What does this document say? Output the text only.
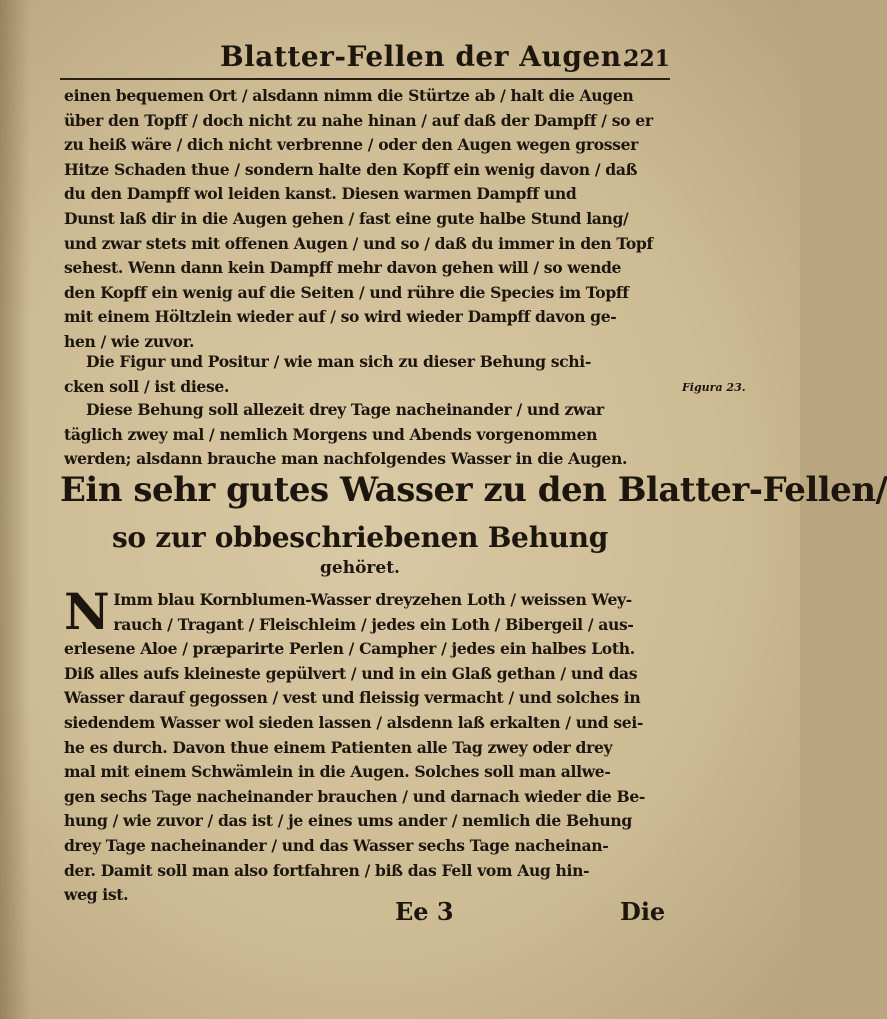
Blatter-Fellen der Augen.
221
einen bequemen Ort / alsdann nimm die Stürtze ab / halt die Augen
über den Topff / doch nicht zu nahe hinan / auf daß der Dampff / so er
zu heiß wäre / dich nicht verbrenne / oder den Augen wegen grosser
Hitze Schaden thue / sondern halte den Kopff ein wenig davon / daß
du den Dampff wol leiden kanst. Diesen warmen Dampff und
Dunst laß dir in die Augen gehen / fast eine gute halbe Stund lang/
und zwar stets mit offenen Augen / und so / daß du immer in den Topf
sehest. Wenn dann kein Dampff mehr davon gehen will / so wende
den Kopff ein wenig auf die Seiten / und rühre die Species im Topff
mit einem Höltzlein wieder auf / so wird wieder Dampff davon ge-
hen / wie zuvor.
Die Figur und Positur / wie man sich zu dieser Behung schi-
cken soll / ist diese.	Figura 23.
Diese Behung soll allezeit drey Tage nacheinander / und zwar
täglich zwey mal / nemlich Morgens und Abends vorgenommen
werden; alsdann brauche man nachfolgendes Wasser in die Augen.
Ein sehr gutes Wasser zu den Blatter-Fellen/
so zur obbeschriebenen Behung
gehöret.
N Imm blau Kornblumen-Wasser dreyzehen Loth / weissen Wey-
rauch / Tragant / Fleischleim / jedes ein Loth / Bibergeil / aus-
erlesene Aloe / præparirte Perlen / Campher / jedes ein halbes Loth.
Diß alles aufs kleineste gepülvert / und in ein Glaß gethan / und das
Wasser darauf gegossen / vest und fleissig vermacht / und solches in
siedendem Wasser wol sieden lassen / alsdenn laß erkalten / und sei-
he es durch. Davon thue einem Patienten alle Tag zwey oder drey
mal mit einem Schwämlein in die Augen. Solches soll man allwe-
gen sechs Tage nacheinander brauchen / und darnach wieder die Be-
hung / wie zuvor / das ist / je eines ums ander / nemlich die Behung
drey Tage nacheinander / und das Wasser sechs Tage nacheinan-
der. Damit soll man also fortfahren / biß das Fell vom Aug hin-
weg ist.
Ee 3	Die
